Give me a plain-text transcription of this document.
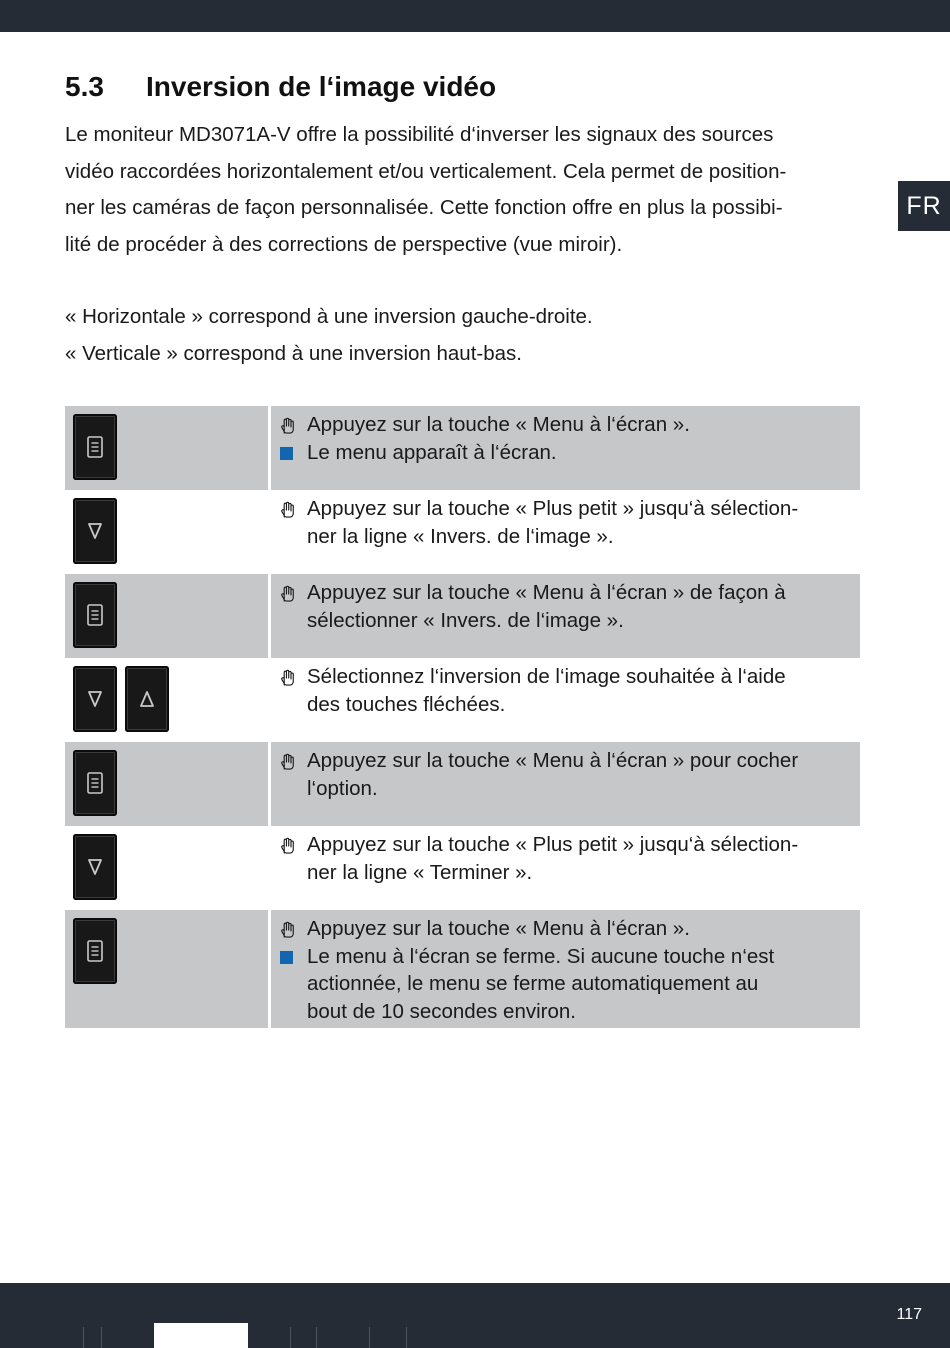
FR
5.3 Inversion de l‘image vidéo

Le moniteur MD3071A-V offre la possibilité d‘inverser les signaux des sources
vidéo raccordées horizontalement et/ou verticalement. Cela permet de position-
ner les caméras de façon personnalisée. Cette fonction offre en plus la possibi-
lité de procéder à des corrections de perspective (vue miroir).

« Horizontale » correspond à une inversion gauche-droite.

« Verticale » correspond à une inversion haut-bas.

Appuyez sur la touche « Menu à l‘écran ».
Le menu apparaît à l‘écran.
Appuyez sur la touche « Plus petit » jusqu‘à sélection-
ner la ligne « Invers. de l‘image ».
Appuyez sur la touche « Menu à l‘écran » de façon à
sélectionner « Invers. de l‘image ».
Sélectionnez l‘inversion de l‘image souhaitée à l‘aide
des touches fléchées.
Appuyez sur la touche « Menu à l‘écran » pour cocher
l‘option.
Appuyez sur la touche « Plus petit » jusqu‘à sélection-
ner la ligne « Terminer ».
Appuyez sur la touche « Menu à l‘écran ».
Le menu à l‘écran se ferme. Si aucune touche n‘est
actionnée, le menu se ferme automatiquement au
bout de 10 secondes environ.
117
